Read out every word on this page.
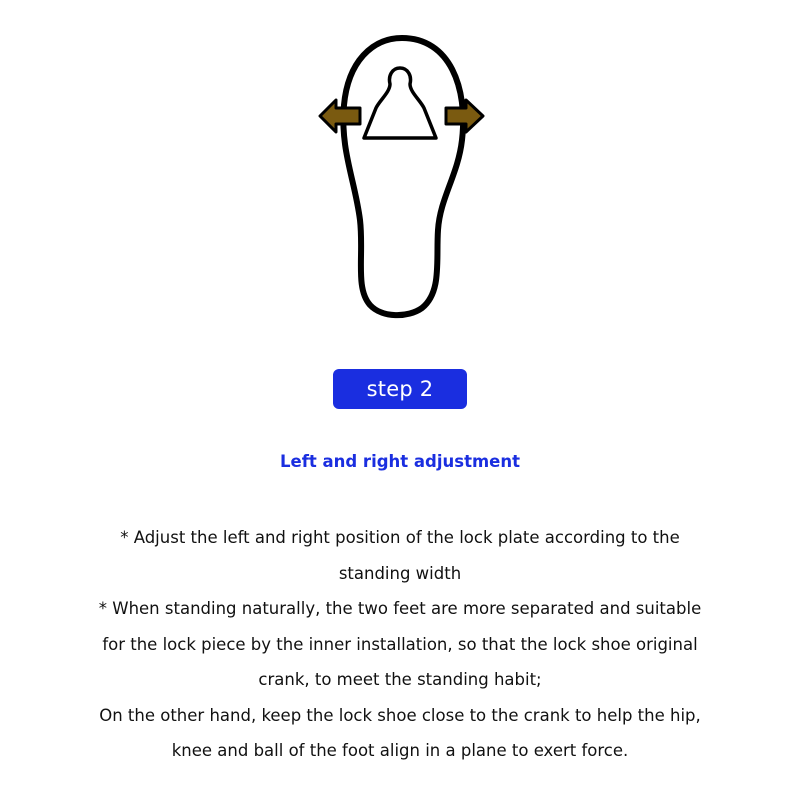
step 2
Left and right adjustment
* Adjust the left and right position of the lock plate according to the
standing width
* When standing naturally, the two feet are more separated and suitable
for the lock piece by the inner installation, so that the lock shoe original
crank, to meet the standing habit;
On the other hand, keep the lock shoe close to the crank to help the hip,
knee and ball of the foot align in a plane to exert force.
